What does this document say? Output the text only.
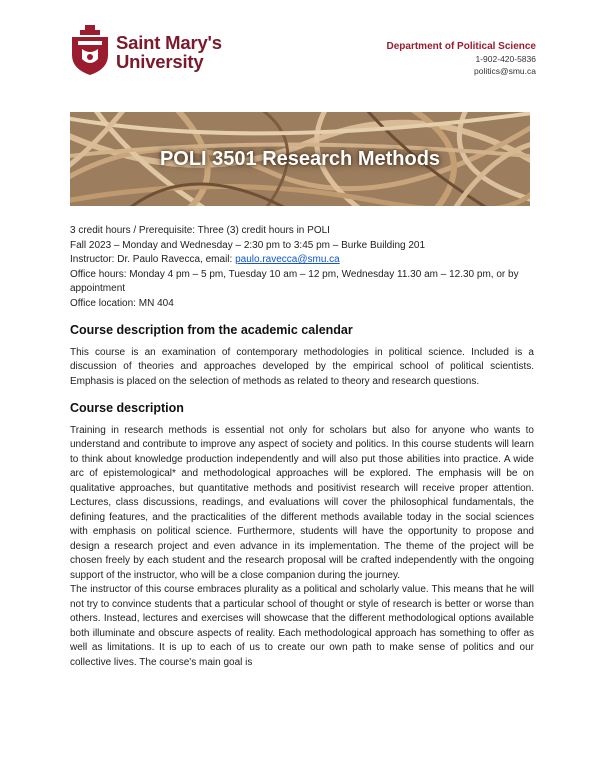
Saint Mary's
University
Department of Political Science
1-902-420-5836
politics@smu.ca
POLI 3501 Research Methods

3 credit hours / Prerequisite: Three (3) credit hours in POLI

Fall 2023 – Monday and Wednesday – 2:30 pm to 3:45 pm – Burke Building 201

Instructor: Dr. Paulo Ravecca, email: paulo.ravecca@smu.ca

Office hours: Monday 4 pm – 5 pm, Tuesday 10 am – 12 pm, Wednesday 11.30 am – 12.30 pm, or by appointment

Office location: MN 404

Course description from the academic calendar

This course is an examination of contemporary methodologies in political science. Included is a discussion of theories and approaches developed by the empirical school of political scientists. Emphasis is placed on the selection of methods as related to theory and research questions.

Course description

Training in research methods is essential not only for scholars but also for anyone who wants to understand and contribute to improve any aspect of society and politics. In this course students will learn to think about knowledge production independently and will also put those abilities into practice. A wide arc of epistemological* and methodological approaches will be explored. The emphasis will be on qualitative approaches, but quantitative methods and positivist research will receive proper attention. Lectures, class discussions, readings, and evaluations will cover the philosophical fundamentals, the defining features, and the practicalities of the different methods available today in the social sciences with emphasis on political science. Furthermore, students will have the opportunity to propose and design a research project and even advance in its implementation. The theme of the project will be chosen freely by each student and the research proposal will be crafted independently with the ongoing support of the instructor, who will be a close companion during the journey.

The instructor of this course embraces plurality as a political and scholarly value. This means that he will not try to convince students that a particular school of thought or style of research is better or worse than others. Instead, lectures and exercises will showcase that the different methodological options available both illuminate and obscure aspects of reality. Each methodological approach has something to offer as well as limitations. It is up to each of us to create our own path to make sense of politics and our collective lives. The course's main goal is
